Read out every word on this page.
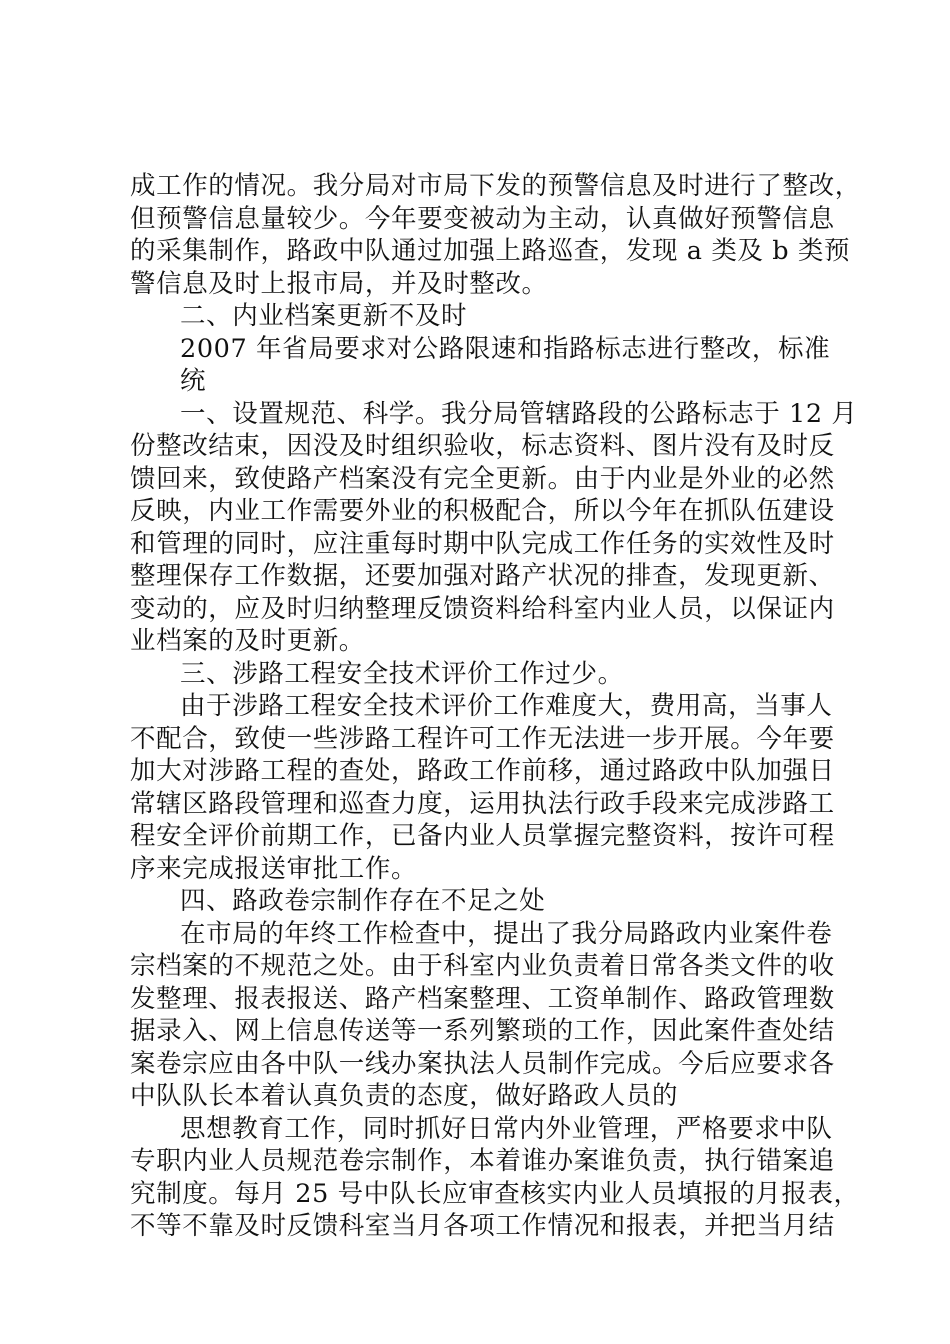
成工作的情况。我分局对市局下发的预警信息及时进行了整改，
但预警信息量较少。今年要变被动为主动，认真做好预警信息
的采集制作，路政中队通过加强上路巡查，发现 a 类及 b 类预
警信息及时上报市局，并及时整改。
二、内业档案更新不及时
2007 年省局要求对公路限速和指路标志进行整改，标准
统
一、设置规范、科学。我分局管辖路段的公路标志于 12 月
份整改结束，因没及时组织验收，标志资料、图片没有及时反
馈回来，致使路产档案没有完全更新。由于内业是外业的必然
反映，内业工作需要外业的积极配合，所以今年在抓队伍建设
和管理的同时，应注重每时期中队完成工作任务的实效性及时
整理保存工作数据，还要加强对路产状况的排查，发现更新、
变动的，应及时归纳整理反馈资料给科室内业人员，以保证内
业档案的及时更新。
三、涉路工程安全技术评价工作过少。
由于涉路工程安全技术评价工作难度大，费用高，当事人
不配合，致使一些涉路工程许可工作无法进一步开展。今年要
加大对涉路工程的查处，路政工作前移，通过路政中队加强日
常辖区路段管理和巡查力度，运用执法行政手段来完成涉路工
程安全评价前期工作，已备内业人员掌握完整资料，按许可程
序来完成报送审批工作。
四、路政卷宗制作存在不足之处
在市局的年终工作检查中，提出了我分局路政内业案件卷
宗档案的不规范之处。由于科室内业负责着日常各类文件的收
发整理、报表报送、路产档案整理、工资单制作、路政管理数
据录入、网上信息传送等一系列繁琐的工作，因此案件查处结
案卷宗应由各中队一线办案执法人员制作完成。今后应要求各
中队队长本着认真负责的态度，做好路政人员的
思想教育工作，同时抓好日常内外业管理，严格要求中队
专职内业人员规范卷宗制作，本着谁办案谁负责，执行错案追
究制度。每月 25 号中队长应审查核实内业人员填报的月报表，
不等不靠及时反馈科室当月各项工作情况和报表，并把当月结
